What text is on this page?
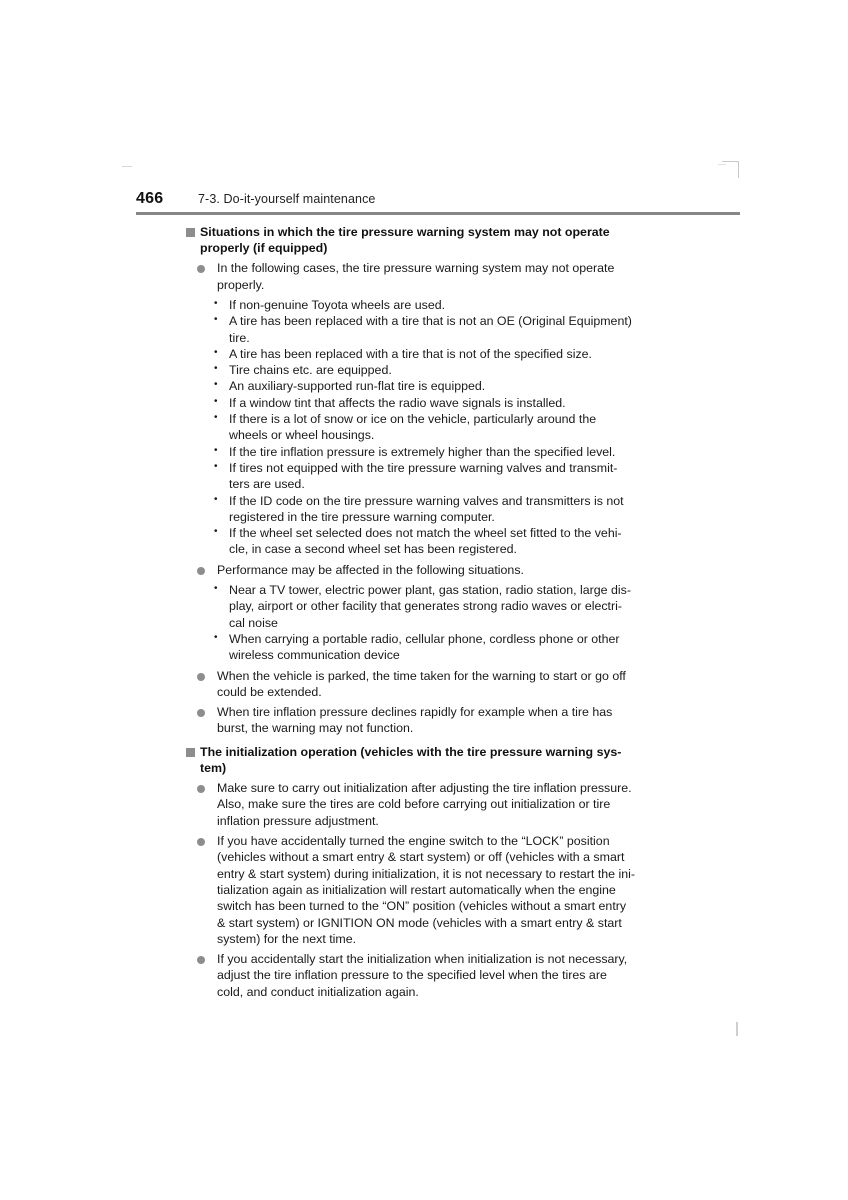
466	7-3. Do-it-yourself maintenance
Situations in which the tire pressure warning system may not operate
properly (if equipped)
In the following cases, the tire pressure warning system may not operate
properly.
• If non-genuine Toyota wheels are used.
• A tire has been replaced with a tire that is not an OE (Original Equipment)
tire.
• A tire has been replaced with a tire that is not of the specified size.
• Tire chains etc. are equipped.
• An auxiliary-supported run-flat tire is equipped.
• If a window tint that affects the radio wave signals is installed.
• If there is a lot of snow or ice on the vehicle, particularly around the
wheels or wheel housings.
• If the tire inflation pressure is extremely higher than the specified level.
• If tires not equipped with the tire pressure warning valves and transmit-
ters are used.
• If the ID code on the tire pressure warning valves and transmitters is not
registered in the tire pressure warning computer.
• If the wheel set selected does not match the wheel set fitted to the vehi-
cle, in case a second wheel set has been registered.
Performance may be affected in the following situations.
• Near a TV tower, electric power plant, gas station, radio station, large dis-
play, airport or other facility that generates strong radio waves or electri-
cal noise
• When carrying a portable radio, cellular phone, cordless phone or other
wireless communication device
When the vehicle is parked, the time taken for the warning to start or go off
could be extended.
When tire inflation pressure declines rapidly for example when a tire has
burst, the warning may not function.
The initialization operation (vehicles with the tire pressure warning sys-
tem)
Make sure to carry out initialization after adjusting the tire inflation pressure.
Also, make sure the tires are cold before carrying out initialization or tire
inflation pressure adjustment.
If you have accidentally turned the engine switch to the “LOCK” position
(vehicles without a smart entry & start system) or off (vehicles with a smart
entry & start system) during initialization, it is not necessary to restart the ini-
tialization again as initialization will restart automatically when the engine
switch has been turned to the “ON” position (vehicles without a smart entry
& start system) or IGNITION ON mode (vehicles with a smart entry & start
system) for the next time.
If you accidentally start the initialization when initialization is not necessary,
adjust the tire inflation pressure to the specified level when the tires are
cold, and conduct initialization again.
